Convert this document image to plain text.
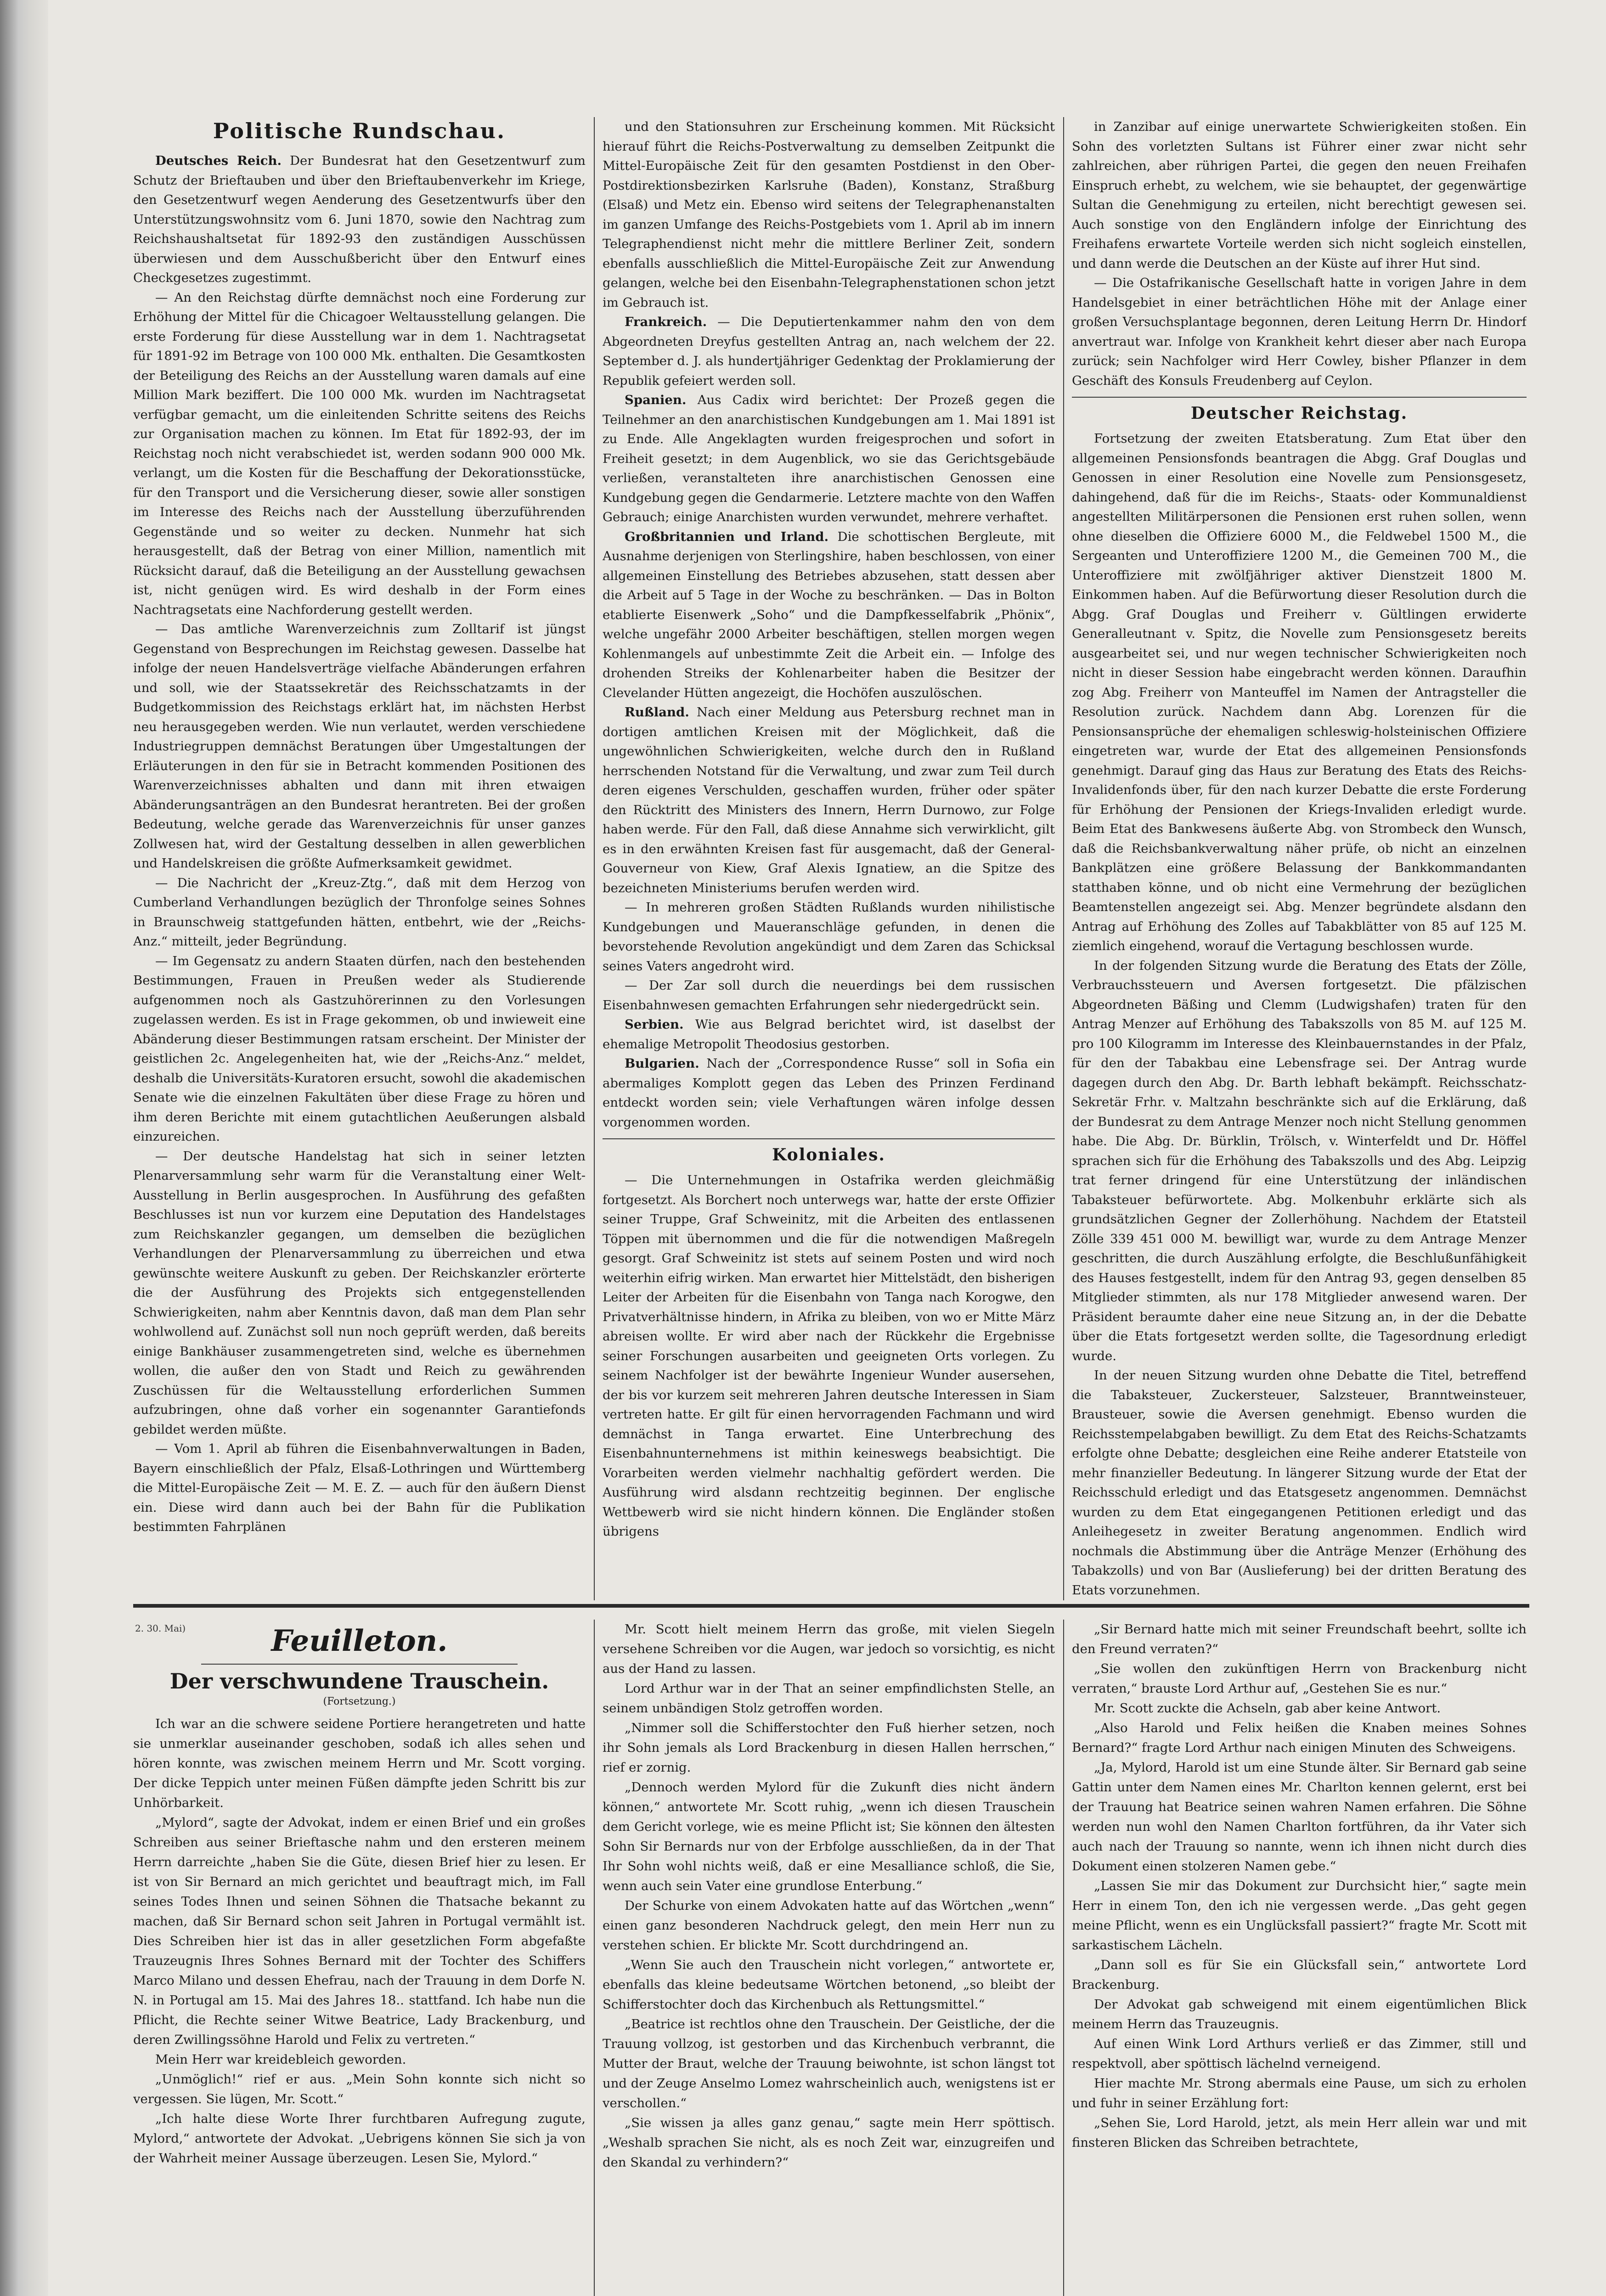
Politische Rundschau.

Deutsches Reich. Der Bundesrat hat den Gesetzentwurf zum Schutz der Brieftauben und über den Brieftaubenverkehr im Kriege, den Gesetzentwurf wegen Aenderung des Gesetzentwurfs über den Unterstützungswohnsitz vom 6. Juni 1870, sowie den Nachtrag zum Reichshaushaltsetat für 1892-93 den zuständigen Ausschüssen überwiesen und dem Ausschußbericht über den Entwurf eines Checkgesetzes zugestimmt.

— An den Reichstag dürfte demnächst noch eine Forderung zur Erhöhung der Mittel für die Chicagoer Weltausstellung gelangen. Die erste Forderung für diese Ausstellung war in dem 1. Nachtragsetat für 1891-92 im Betrage von 100 000 Mk. enthalten. Die Gesamtkosten der Beteiligung des Reichs an der Ausstellung waren damals auf eine Million Mark beziffert. Die 100 000 Mk. wurden im Nachtragsetat verfügbar gemacht, um die einleitenden Schritte seitens des Reichs zur Organisation machen zu können. Im Etat für 1892-93, der im Reichstag noch nicht verabschiedet ist, werden sodann 900 000 Mk. verlangt, um die Kosten für die Beschaffung der Dekorationsstücke, für den Transport und die Versicherung dieser, sowie aller sonstigen im Interesse des Reichs nach der Ausstellung überzuführenden Gegenstände und so weiter zu decken. Nunmehr hat sich herausgestellt, daß der Betrag von einer Million, namentlich mit Rücksicht darauf, daß die Beteiligung an der Ausstellung gewachsen ist, nicht genügen wird. Es wird deshalb in der Form eines Nachtragsetats eine Nachforderung gestellt werden.

— Das amtliche Warenverzeichnis zum Zolltarif ist jüngst Gegenstand von Besprechungen im Reichstag gewesen. Dasselbe hat infolge der neuen Handelsverträge vielfache Abänderungen erfahren und soll, wie der Staatssekretär des Reichsschatzamts in der Budgetkommission des Reichstags erklärt hat, im nächsten Herbst neu herausgegeben werden. Wie nun verlautet, werden verschiedene Industriegruppen demnächst Beratungen über Umgestaltungen der Erläuterungen in den für sie in Betracht kommenden Positionen des Warenverzeichnisses abhalten und dann mit ihren etwaigen Abänderungsanträgen an den Bundesrat herantreten. Bei der großen Bedeutung, welche gerade das Warenverzeichnis für unser ganzes Zollwesen hat, wird der Gestaltung desselben in allen gewerblichen und Handelskreisen die größte Aufmerksamkeit gewidmet.

— Die Nachricht der „Kreuz-Ztg.“, daß mit dem Herzog von Cumberland Verhandlungen bezüglich der Thronfolge seines Sohnes in Braunschweig stattgefunden hätten, entbehrt, wie der „Reichs-Anz.“ mitteilt, jeder Begründung.

— Im Gegensatz zu andern Staaten dürfen, nach den bestehenden Bestimmungen, Frauen in Preußen weder als Studierende aufgenommen noch als Gastzuhörerinnen zu den Vorlesungen zugelassen werden. Es ist in Frage gekommen, ob und inwieweit eine Abänderung dieser Bestimmungen ratsam erscheint. Der Minister der geistlichen 2c. Angelegenheiten hat, wie der „Reichs-Anz.“ meldet, deshalb die Universitäts-Kuratoren ersucht, sowohl die akademischen Senate wie die einzelnen Fakultäten über diese Frage zu hören und ihm deren Berichte mit einem gutachtlichen Aeußerungen alsbald einzureichen.

— Der deutsche Handelstag hat sich in seiner letzten Plenarversammlung sehr warm für die Veranstaltung einer Welt-Ausstellung in Berlin ausgesprochen. In Ausführung des gefaßten Beschlusses ist nun vor kurzem eine Deputation des Handelstages zum Reichskanzler gegangen, um demselben die bezüglichen Verhandlungen der Plenarversammlung zu überreichen und etwa gewünschte weitere Auskunft zu geben. Der Reichskanzler erörterte die der Ausführung des Projekts sich entgegenstellenden Schwierigkeiten, nahm aber Kenntnis davon, daß man dem Plan sehr wohlwollend auf. Zunächst soll nun noch geprüft werden, daß bereits einige Bankhäuser zusammengetreten sind, welche es übernehmen wollen, die außer den von Stadt und Reich zu gewährenden Zuschüssen für die Weltausstellung erforderlichen Summen aufzubringen, ohne daß vorher ein sogenannter Garantiefonds gebildet werden müßte.

— Vom 1. April ab führen die Eisenbahnverwaltungen in Baden, Bayern einschließlich der Pfalz, Elsaß-Lothringen und Württemberg die Mittel-Europäische Zeit — M. E. Z. — auch für den äußern Dienst ein. Diese wird dann auch bei der Bahn für die Publikation bestimmten Fahrplänen

und den Stationsuhren zur Erscheinung kommen. Mit Rücksicht hierauf führt die Reichs-Postverwaltung zu demselben Zeitpunkt die Mittel-Europäische Zeit für den gesamten Postdienst in den Ober-Postdirektionsbezirken Karlsruhe (Baden), Konstanz, Straßburg (Elsaß) und Metz ein. Ebenso wird seitens der Telegraphenanstalten im ganzen Umfange des Reichs-Postgebiets vom 1. April ab im innern Telegraphendienst nicht mehr die mittlere Berliner Zeit, sondern ebenfalls ausschließlich die Mittel-Europäische Zeit zur Anwendung gelangen, welche bei den Eisenbahn-Telegraphenstationen schon jetzt im Gebrauch ist.

Frankreich. — Die Deputiertenkammer nahm den von dem Abgeordneten Dreyfus gestellten Antrag an, nach welchem der 22. September d. J. als hundertjähriger Gedenktag der Proklamierung der Republik gefeiert werden soll.

Spanien. Aus Cadix wird berichtet: Der Prozeß gegen die Teilnehmer an den anarchistischen Kundgebungen am 1. Mai 1891 ist zu Ende. Alle Angeklagten wurden freigesprochen und sofort in Freiheit gesetzt; in dem Augenblick, wo sie das Gerichtsgebäude verließen, veranstalteten ihre anarchistischen Genossen eine Kundgebung gegen die Gendarmerie. Letztere machte von den Waffen Gebrauch; einige Anarchisten wurden verwundet, mehrere verhaftet.

Großbritannien und Irland. Die schottischen Bergleute, mit Ausnahme derjenigen von Sterlingshire, haben beschlossen, von einer allgemeinen Einstellung des Betriebes abzusehen, statt dessen aber die Arbeit auf 5 Tage in der Woche zu beschränken. — Das in Bolton etablierte Eisenwerk „Soho“ und die Dampfkesselfabrik „Phönix“, welche ungefähr 2000 Arbeiter beschäftigen, stellen morgen wegen Kohlenmangels auf unbestimmte Zeit die Arbeit ein. — Infolge des drohenden Streiks der Kohlenarbeiter haben die Besitzer der Clevelander Hütten angezeigt, die Hochöfen auszulöschen.

Rußland. Nach einer Meldung aus Petersburg rechnet man in dortigen amtlichen Kreisen mit der Möglichkeit, daß die ungewöhnlichen Schwierigkeiten, welche durch den in Rußland herrschenden Notstand für die Verwaltung, und zwar zum Teil durch deren eigenes Verschulden, geschaffen wurden, früher oder später den Rücktritt des Ministers des Innern, Herrn Durnowo, zur Folge haben werde. Für den Fall, daß diese Annahme sich verwirklicht, gilt es in den erwähnten Kreisen fast für ausgemacht, daß der General-Gouverneur von Kiew, Graf Alexis Ignatiew, an die Spitze des bezeichneten Ministeriums berufen werden wird.

— In mehreren großen Städten Rußlands wurden nihilistische Kundgebungen und Maueranschläge gefunden, in denen die bevorstehende Revolution angekündigt und dem Zaren das Schicksal seines Vaters angedroht wird.

— Der Zar soll durch die neuerdings bei dem russischen Eisenbahnwesen gemachten Erfahrungen sehr niedergedrückt sein.

Serbien. Wie aus Belgrad berichtet wird, ist daselbst der ehemalige Metropolit Theodosius gestorben.

Bulgarien. Nach der „Correspondence Russe“ soll in Sofia ein abermaliges Komplott gegen das Leben des Prinzen Ferdinand entdeckt worden sein; viele Verhaftungen wären infolge dessen vorgenommen worden.

Koloniales.

— Die Unternehmungen in Ostafrika werden gleichmäßig fortgesetzt. Als Borchert noch unterwegs war, hatte der erste Offizier seiner Truppe, Graf Schweinitz, mit die Arbeiten des entlassenen Töppen mit übernommen und die für die notwendigen Maßregeln gesorgt. Graf Schweinitz ist stets auf seinem Posten und wird noch weiterhin eifrig wirken. Man erwartet hier Mittelstädt, den bisherigen Leiter der Arbeiten für die Eisenbahn von Tanga nach Korogwe, den Privatverhältnisse hindern, in Afrika zu bleiben, von wo er Mitte März abreisen wollte. Er wird aber nach der Rückkehr die Ergebnisse seiner Forschungen ausarbeiten und geeigneten Orts vorlegen. Zu seinem Nachfolger ist der bewährte Ingenieur Wunder ausersehen, der bis vor kurzem seit mehreren Jahren deutsche Interessen in Siam vertreten hatte. Er gilt für einen hervorragenden Fachmann und wird demnächst in Tanga erwartet. Eine Unterbrechung des Eisenbahnunternehmens ist mithin keineswegs beabsichtigt. Die Vorarbeiten werden vielmehr nachhaltig gefördert werden. Die Ausführung wird alsdann rechtzeitig beginnen. Der englische Wettbewerb wird sie nicht hindern können. Die Engländer stoßen übrigens

in Zanzibar auf einige unerwartete Schwierigkeiten stoßen. Ein Sohn des vorletzten Sultans ist Führer einer zwar nicht sehr zahlreichen, aber rührigen Partei, die gegen den neuen Freihafen Einspruch erhebt, zu welchem, wie sie behauptet, der gegenwärtige Sultan die Genehmigung zu erteilen, nicht berechtigt gewesen sei. Auch sonstige von den Engländern infolge der Einrichtung des Freihafens erwartete Vorteile werden sich nicht sogleich einstellen, und dann werde die Deutschen an der Küste auf ihrer Hut sind.

— Die Ostafrikanische Gesellschaft hatte in vorigen Jahre in dem Handelsgebiet in einer beträchtlichen Höhe mit der Anlage einer großen Versuchsplantage begonnen, deren Leitung Herrn Dr. Hindorf anvertraut war. Infolge von Krankheit kehrt dieser aber nach Europa zurück; sein Nachfolger wird Herr Cowley, bisher Pflanzer in dem Geschäft des Konsuls Freudenberg auf Ceylon.

Deutscher Reichstag.

Fortsetzung der zweiten Etatsberatung. Zum Etat über den allgemeinen Pensionsfonds beantragen die Abgg. Graf Douglas und Genossen in einer Resolution eine Novelle zum Pensionsgesetz, dahingehend, daß für die im Reichs-, Staats- oder Kommunaldienst angestellten Militärpersonen die Pensionen erst ruhen sollen, wenn ohne dieselben die Offiziere 6000 M., die Feldwebel 1500 M., die Sergeanten und Unteroffiziere 1200 M., die Gemeinen 700 M., die Unteroffiziere mit zwölfjähriger aktiver Dienstzeit 1800 M. Einkommen haben. Auf die Befürwortung dieser Resolution durch die Abgg. Graf Douglas und Freiherr v. Gültlingen erwiderte Generalleutnant v. Spitz, die Novelle zum Pensionsgesetz bereits ausgearbeitet sei, und nur wegen technischer Schwierigkeiten noch nicht in dieser Session habe eingebracht werden können. Daraufhin zog Abg. Freiherr von Manteuffel im Namen der Antragsteller die Resolution zurück. Nachdem dann Abg. Lorenzen für die Pensionsansprüche der ehemaligen schleswig-holsteinischen Offiziere eingetreten war, wurde der Etat des allgemeinen Pensionsfonds genehmigt. Darauf ging das Haus zur Beratung des Etats des Reichs-Invalidenfonds über, für den nach kurzer Debatte die erste Forderung für Erhöhung der Pensionen der Kriegs-Invaliden erledigt wurde. Beim Etat des Bankwesens äußerte Abg. von Strombeck den Wunsch, daß die Reichsbankverwaltung näher prüfe, ob nicht an einzelnen Bankplätzen eine größere Belassung der Bankkommandanten statthaben könne, und ob nicht eine Vermehrung der bezüglichen Beamtenstellen angezeigt sei. Abg. Menzer begründete alsdann den Antrag auf Erhöhung des Zolles auf Tabakblätter von 85 auf 125 M. ziemlich eingehend, worauf die Vertagung beschlossen wurde.

In der folgenden Sitzung wurde die Beratung des Etats der Zölle, Verbrauchssteuern und Aversen fortgesetzt. Die pfälzischen Abgeordneten Bäßing und Clemm (Ludwigshafen) traten für den Antrag Menzer auf Erhöhung des Tabakszolls von 85 M. auf 125 M. pro 100 Kilogramm im Interesse des Kleinbauernstandes in der Pfalz, für den der Tabakbau eine Lebensfrage sei. Der Antrag wurde dagegen durch den Abg. Dr. Barth lebhaft bekämpft. Reichsschatz-Sekretär Frhr. v. Maltzahn beschränkte sich auf die Erklärung, daß der Bundesrat zu dem Antrage Menzer noch nicht Stellung genommen habe. Die Abg. Dr. Bürklin, Trölsch, v. Winterfeldt und Dr. Höffel sprachen sich für die Erhöhung des Tabakszolls und des Abg. Leipzig trat ferner dringend für eine Unterstützung der inländischen Tabaksteuer befürwortete. Abg. Molkenbuhr erklärte sich als grundsätzlichen Gegner der Zollerhöhung. Nachdem der Etatsteil Zölle 339 451 000 M. bewilligt war, wurde zu dem Antrage Menzer geschritten, die durch Auszählung erfolgte, die Beschlußunfähigkeit des Hauses festgestellt, indem für den Antrag 93, gegen denselben 85 Mitglieder stimmten, als nur 178 Mitglieder anwesend waren. Der Präsident beraumte daher eine neue Sitzung an, in der die Debatte über die Etats fortgesetzt werden sollte, die Tagesordnung erledigt wurde.

In der neuen Sitzung wurden ohne Debatte die Titel, betreffend die Tabaksteuer, Zuckersteuer, Salzsteuer, Branntweinsteuer, Brausteuer, sowie die Aversen genehmigt. Ebenso wurden die Reichsstempelabgaben bewilligt. Zu dem Etat des Reichs-Schatzamts erfolgte ohne Debatte; desgleichen eine Reihe anderer Etatsteile von mehr finanzieller Bedeutung. In längerer Sitzung wurde der Etat der Reichsschuld erledigt und das Etatsgesetz angenommen. Demnächst wurden zu dem Etat eingegangenen Petitionen erledigt und das Anleihegesetz in zweiter Beratung angenommen. Endlich wird nochmals die Abstimmung über die Anträge Menzer (Erhöhung des Tabakzolls) und von Bar (Auslieferung) bei der dritten Beratung des Etats vorzunehmen.

2. 30. Mai)	Feuilleton.
Der verschwundene Trauschein.
(Fortsetzung.)

Ich war an die schwere seidene Portiere herangetreten und hatte sie unmerklar auseinander geschoben, sodaß ich alles sehen und hören konnte, was zwischen meinem Herrn und Mr. Scott vorging. Der dicke Teppich unter meinen Füßen dämpfte jeden Schritt bis zur Unhörbarkeit.

„Mylord“, sagte der Advokat, indem er einen Brief und ein großes Schreiben aus seiner Brieftasche nahm und den ersteren meinem Herrn darreichte „haben Sie die Güte, diesen Brief hier zu lesen. Er ist von Sir Bernard an mich gerichtet und beauftragt mich, im Fall seines Todes Ihnen und seinen Söhnen die Thatsache bekannt zu machen, daß Sir Bernard schon seit Jahren in Portugal vermählt ist. Dies Schreiben hier ist das in aller gesetzlichen Form abgefaßte Trauzeugnis Ihres Sohnes Bernard mit der Tochter des Schiffers Marco Milano und dessen Ehefrau, nach der Trauung in dem Dorfe N. N. in Portugal am 15. Mai des Jahres 18.. stattfand. Ich habe nun die Pflicht, die Rechte seiner Witwe Beatrice, Lady Brackenburg, und deren Zwillingssöhne Harold und Felix zu vertreten.“

Mein Herr war kreidebleich geworden.

„Unmöglich!“ rief er aus. „Mein Sohn konnte sich nicht so vergessen. Sie lügen, Mr. Scott.“

„Ich halte diese Worte Ihrer furchtbaren Aufregung zugute, Mylord,“ antwortete der Advokat. „Uebrigens können Sie sich ja von der Wahrheit meiner Aussage überzeugen. Lesen Sie, Mylord.“

Mr. Scott hielt meinem Herrn das große, mit vielen Siegeln versehene Schreiben vor die Augen, war jedoch so vorsichtig, es nicht aus der Hand zu lassen.

Lord Arthur war in der That an seiner empfindlichsten Stelle, an seinem unbändigen Stolz getroffen worden.

„Nimmer soll die Schifferstochter den Fuß hierher setzen, noch ihr Sohn jemals als Lord Brackenburg in diesen Hallen herrschen,“ rief er zornig.

„Dennoch werden Mylord für die Zukunft dies nicht ändern können,“ antwortete Mr. Scott ruhig, „wenn ich diesen Trauschein dem Gericht vorlege, wie es meine Pflicht ist; Sie können den ältesten Sohn Sir Bernards nur von der Erbfolge ausschließen, da in der That Ihr Sohn wohl nichts weiß, daß er eine Mesalliance schloß, die Sie, wenn auch sein Vater eine grundlose Enterbung.“

Der Schurke von einem Advokaten hatte auf das Wörtchen „wenn“ einen ganz besonderen Nachdruck gelegt, den mein Herr nun zu verstehen schien. Er blickte Mr. Scott durchdringend an.

„Wenn Sie auch den Trauschein nicht vorlegen,“ antwortete er, ebenfalls das kleine bedeutsame Wörtchen betonend, „so bleibt der Schifferstochter doch das Kirchenbuch als Rettungsmittel.“

„Beatrice ist rechtlos ohne den Trauschein. Der Geistliche, der die Trauung vollzog, ist gestorben und das Kirchenbuch verbrannt, die Mutter der Braut, welche der Trauung beiwohnte, ist schon längst tot und der Zeuge Anselmo Lomez wahrscheinlich auch, wenigstens ist er verschollen.“

„Sie wissen ja alles ganz genau,“ sagte mein Herr spöttisch. „Weshalb sprachen Sie nicht, als es noch Zeit war, einzugreifen und den Skandal zu verhindern?“

„Sir Bernard hatte mich mit seiner Freundschaft beehrt, sollte ich den Freund verraten?“

„Sie wollen den zukünftigen Herrn von Brackenburg nicht verraten,“ brauste Lord Arthur auf, „Gestehen Sie es nur.“

Mr. Scott zuckte die Achseln, gab aber keine Antwort.

„Also Harold und Felix heißen die Knaben meines Sohnes Bernard?“ fragte Lord Arthur nach einigen Minuten des Schweigens.

„Ja, Mylord, Harold ist um eine Stunde älter. Sir Bernard gab seine Gattin unter dem Namen eines Mr. Charlton kennen gelernt, erst bei der Trauung hat Beatrice seinen wahren Namen erfahren. Die Söhne werden nun wohl den Namen Charlton fortführen, da ihr Vater sich auch nach der Trauung so nannte, wenn ich ihnen nicht durch dies Dokument einen stolzeren Namen gebe.“

„Lassen Sie mir das Dokument zur Durchsicht hier,“ sagte mein Herr in einem Ton, den ich nie vergessen werde. „Das geht gegen meine Pflicht, wenn es ein Unglücksfall passiert?“ fragte Mr. Scott mit sarkastischem Lächeln.

„Dann soll es für Sie ein Glücksfall sein,“ antwortete Lord Brackenburg.

Der Advokat gab schweigend mit einem eigentümlichen Blick meinem Herrn das Trauzeugnis.

Auf einen Wink Lord Arthurs verließ er das Zimmer, still und respektvoll, aber spöttisch lächelnd verneigend.

Hier machte Mr. Strong abermals eine Pause, um sich zu erholen und fuhr in seiner Erzählung fort:

„Sehen Sie, Lord Harold, jetzt, als mein Herr allein war und mit finsteren Blicken das Schreiben betrachtete,
